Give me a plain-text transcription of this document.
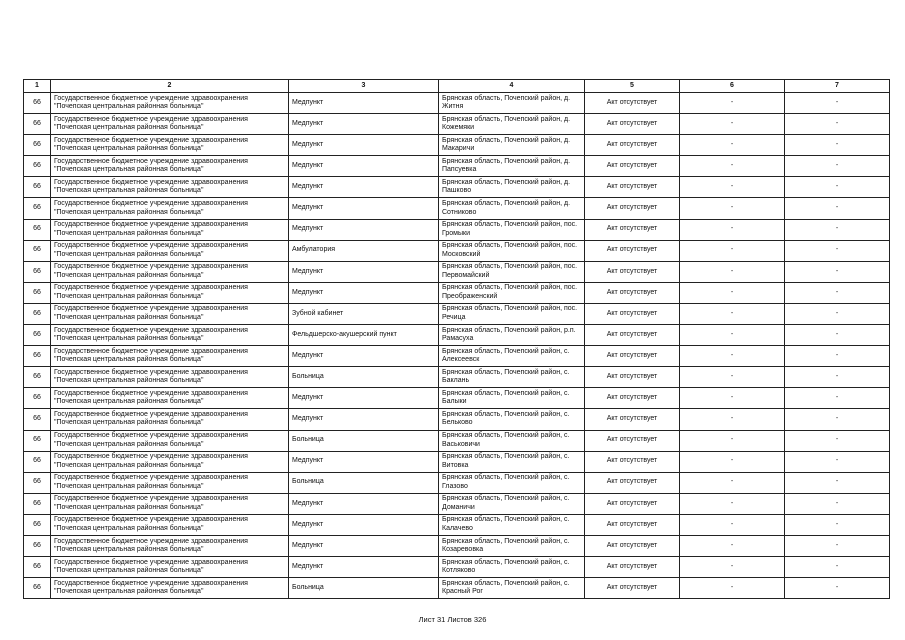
1	2	3	4	5	6	7
66	Государственное бюджетное учреждение здравоохранения "Почепская центральная районная больница"	Медпункт	Брянская область, Почепский район, д. Житня	Акт отсутствует	-	-
66	Государственное бюджетное учреждение здравоохранения "Почепская центральная районная больница"	Медпункт	Брянская область, Почепский район, д. Кожемяки	Акт отсутствует	-	-
66	Государственное бюджетное учреждение здравоохранения "Почепская центральная районная больница"	Медпункт	Брянская область, Почепский район, д. Макаричи	Акт отсутствует	-	-
66	Государственное бюджетное учреждение здравоохранения "Почепская центральная районная больница"	Медпункт	Брянская область, Почепский район, д. Папсуевка	Акт отсутствует	-	-
66	Государственное бюджетное учреждение здравоохранения "Почепская центральная районная больница"	Медпункт	Брянская область, Почепский район, д. Пашково	Акт отсутствует	-	-
66	Государственное бюджетное учреждение здравоохранения "Почепская центральная районная больница"	Медпункт	Брянская область, Почепский район, д. Сотниково	Акт отсутствует	-	-
66	Государственное бюджетное учреждение здравоохранения "Почепская центральная районная больница"	Медпункт	Брянская область, Почепский район, пос. Громыки	Акт отсутствует	-	-
66	Государственное бюджетное учреждение здравоохранения "Почепская центральная районная больница"	Амбулатория	Брянская область, Почепский район, пос. Московский	Акт отсутствует	-	-
66	Государственное бюджетное учреждение здравоохранения "Почепская центральная районная больница"	Медпункт	Брянская область, Почепский район, пос. Первомайский	Акт отсутствует	-	-
66	Государственное бюджетное учреждение здравоохранения "Почепская центральная районная больница"	Медпункт	Брянская область, Почепский район, пос. Преображенский	Акт отсутствует	-	-
66	Государственное бюджетное учреждение здравоохранения "Почепская центральная районная больница"	Зубной кабинет	Брянская область, Почепский район, пос. Речица	Акт отсутствует	-	-
66	Государственное бюджетное учреждение здравоохранения "Почепская центральная районная больница"	Фельдшерско-акушерский пункт	Брянская область, Почепский район, р.п. Рамасуха	Акт отсутствует	-	-
66	Государственное бюджетное учреждение здравоохранения "Почепская центральная районная больница"	Медпункт	Брянская область, Почепский район, с. Алексеевск	Акт отсутствует	-	-
66	Государственное бюджетное учреждение здравоохранения "Почепская центральная районная больница"	Больница	Брянская область, Почепский район, с. Баклань	Акт отсутствует	-	-
66	Государственное бюджетное учреждение здравоохранения "Почепская центральная районная больница"	Медпункт	Брянская область, Почепский район, с. Балыки	Акт отсутствует	-	-
66	Государственное бюджетное учреждение здравоохранения "Почепская центральная районная больница"	Медпункт	Брянская область, Почепский район, с. Бельково	Акт отсутствует	-	-
66	Государственное бюджетное учреждение здравоохранения "Почепская центральная районная больница"	Больница	Брянская область, Почепский район, с. Васьковичи	Акт отсутствует	-	-
66	Государственное бюджетное учреждение здравоохранения "Почепская центральная районная больница"	Медпункт	Брянская область, Почепский район, с. Витовка	Акт отсутствует	-	-
66	Государственное бюджетное учреждение здравоохранения "Почепская центральная районная больница"	Больница	Брянская область, Почепский район, с. Глазово	Акт отсутствует	-	-
66	Государственное бюджетное учреждение здравоохранения "Почепская центральная районная больница"	Медпункт	Брянская область, Почепский район, с. Доманичи	Акт отсутствует	-	-
66	Государственное бюджетное учреждение здравоохранения "Почепская центральная районная больница"	Медпункт	Брянская область, Почепский район, с. Калачево	Акт отсутствует	-	-
66	Государственное бюджетное учреждение здравоохранения "Почепская центральная районная больница"	Медпункт	Брянская область, Почепский район, с. Козаревовка	Акт отсутствует	-	-
66	Государственное бюджетное учреждение здравоохранения "Почепская центральная районная больница"	Медпункт	Брянская область, Почепский район, с. Котляково	Акт отсутствует	-	-
66	Государственное бюджетное учреждение здравоохранения "Почепская центральная районная больница"	Больница	Брянская область, Почепский район, с. Красный Рог	Акт отсутствует	-	-
Лист 31 Листов 326
